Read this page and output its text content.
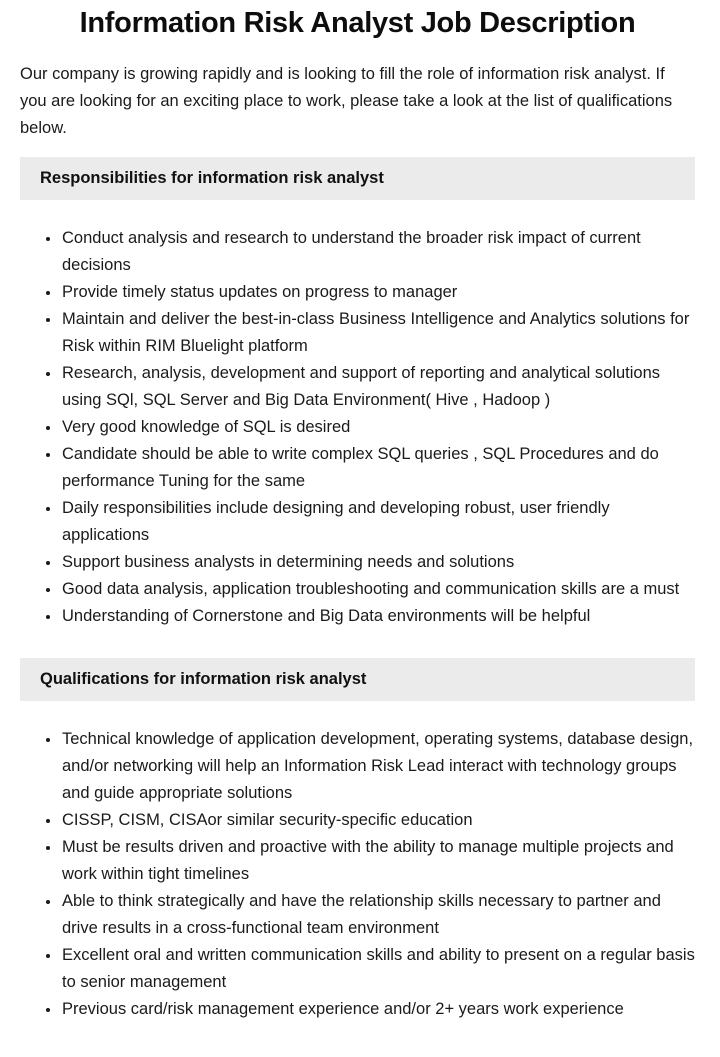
Information Risk Analyst Job Description

Our company is growing rapidly and is looking to fill the role of information risk analyst. If you are looking for an exciting place to work, please take a look at the list of qualifications below.

Responsibilities for information risk analyst
• Conduct analysis and research to understand the broader risk impact of current decisions
• Provide timely status updates on progress to manager
• Maintain and deliver the best-in-class Business Intelligence and Analytics solutions for Risk within RIM Bluelight platform
• Research, analysis, development and support of reporting and analytical solutions using SQl, SQL Server and Big Data Environment( Hive , Hadoop )
• Very good knowledge of SQL is desired
• Candidate should be able to write complex SQL queries , SQL Procedures and do performance Tuning for the same
• Daily responsibilities include designing and developing robust, user friendly applications
• Support business analysts in determining needs and solutions
• Good data analysis, application troubleshooting and communication skills are a must
• Understanding of Cornerstone and Big Data environments will be helpful
Qualifications for information risk analyst
• Technical knowledge of application development, operating systems, database design, and/or networking will help an Information Risk Lead interact with technology groups and guide appropriate solutions
• CISSP, CISM, CISAor similar security-specific education
• Must be results driven and proactive with the ability to manage multiple projects and work within tight timelines
• Able to think strategically and have the relationship skills necessary to partner and drive results in a cross-functional team environment
• Excellent oral and written communication skills and ability to present on a regular basis to senior management
• Previous card/risk management experience and/or 2+ years work experience
